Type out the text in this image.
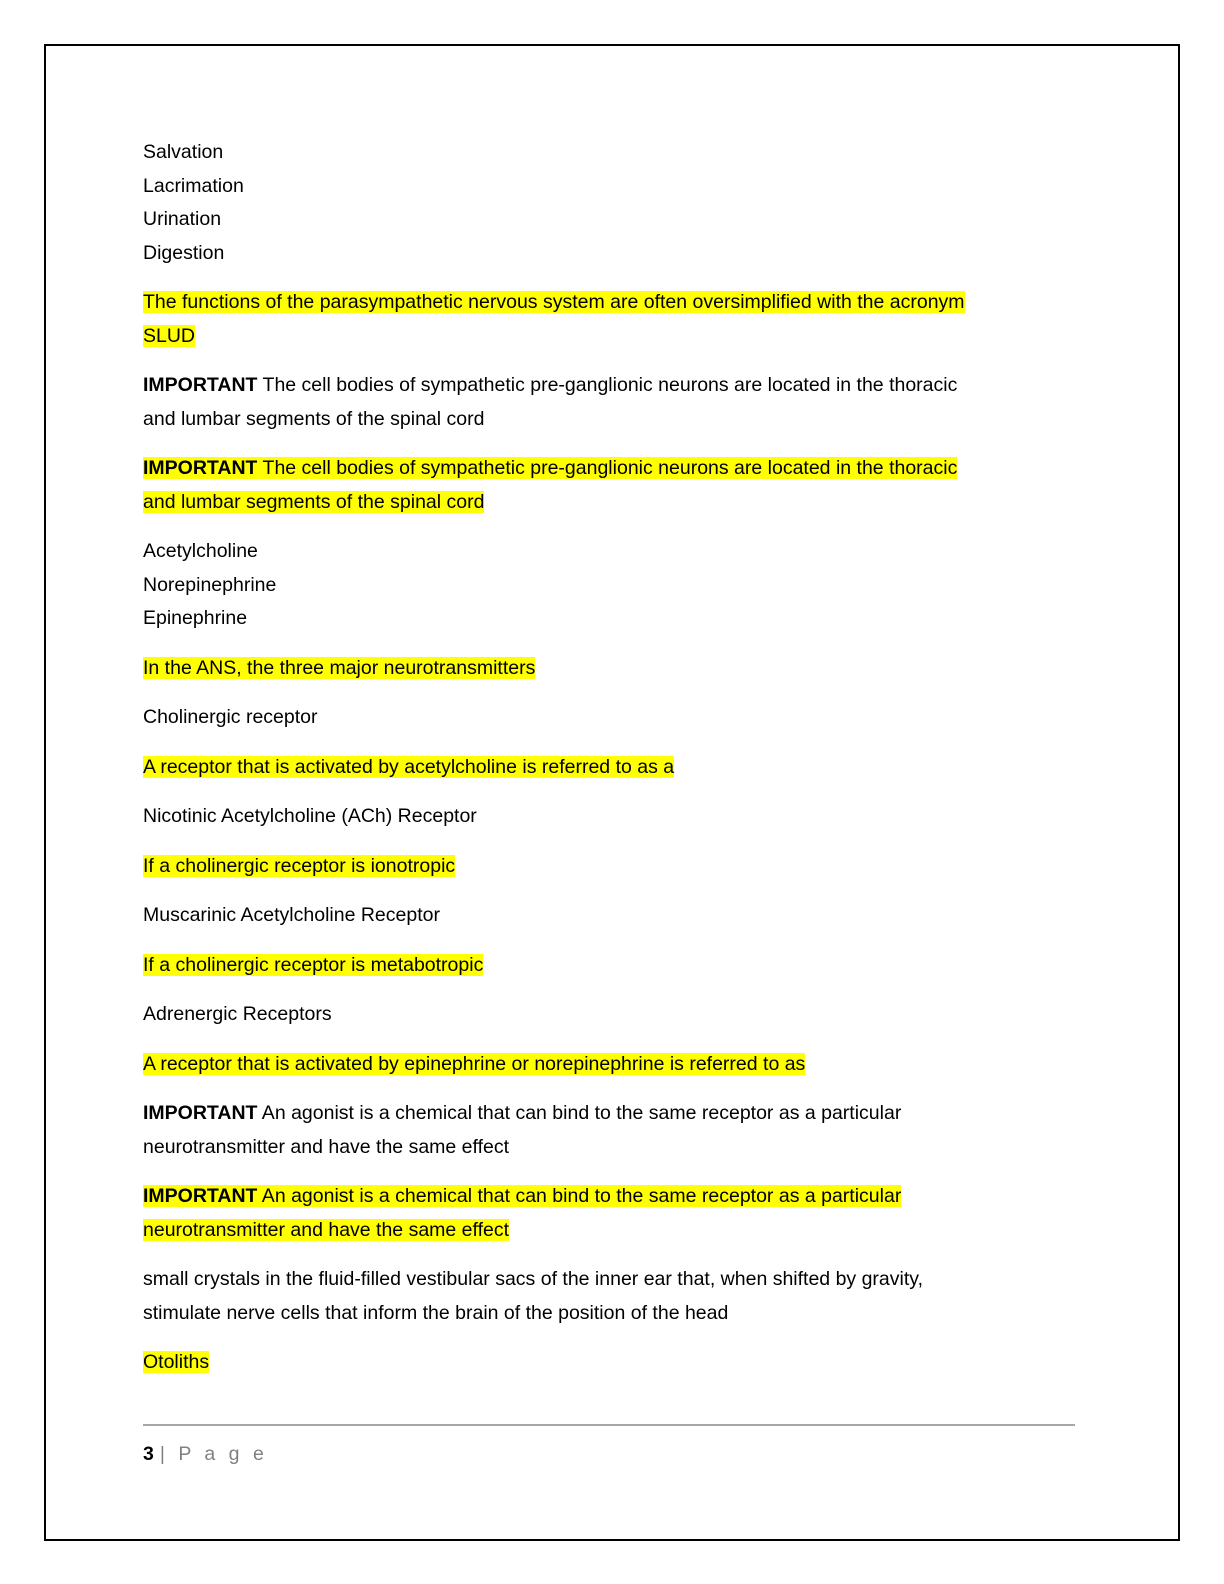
Salvation
Lacrimation
Urination
Digestion

The functions of the parasympathetic nervous system are often oversimplified with the acronym
SLUD

IMPORTANT The cell bodies of sympathetic pre-ganglionic neurons are located in the thoracic
and lumbar segments of the spinal cord

IMPORTANT The cell bodies of sympathetic pre-ganglionic neurons are located in the thoracic
and lumbar segments of the spinal cord

Acetylcholine
Norepinephrine
Epinephrine

In the ANS, the three major neurotransmitters

Cholinergic receptor

A receptor that is activated by acetylcholine is referred to as a

Nicotinic Acetylcholine (ACh) Receptor

If a cholinergic receptor is ionotropic

Muscarinic Acetylcholine Receptor

If a cholinergic receptor is metabotropic

Adrenergic Receptors

A receptor that is activated by epinephrine or norepinephrine is referred to as

IMPORTANT An agonist is a chemical that can bind to the same receptor as a particular
neurotransmitter and have the same effect

IMPORTANT An agonist is a chemical that can bind to the same receptor as a particular
neurotransmitter and have the same effect

small crystals in the fluid-filled vestibular sacs of the inner ear that, when shifted by gravity,
stimulate nerve cells that inform the brain of the position of the head

Otoliths

3 | P a g e
